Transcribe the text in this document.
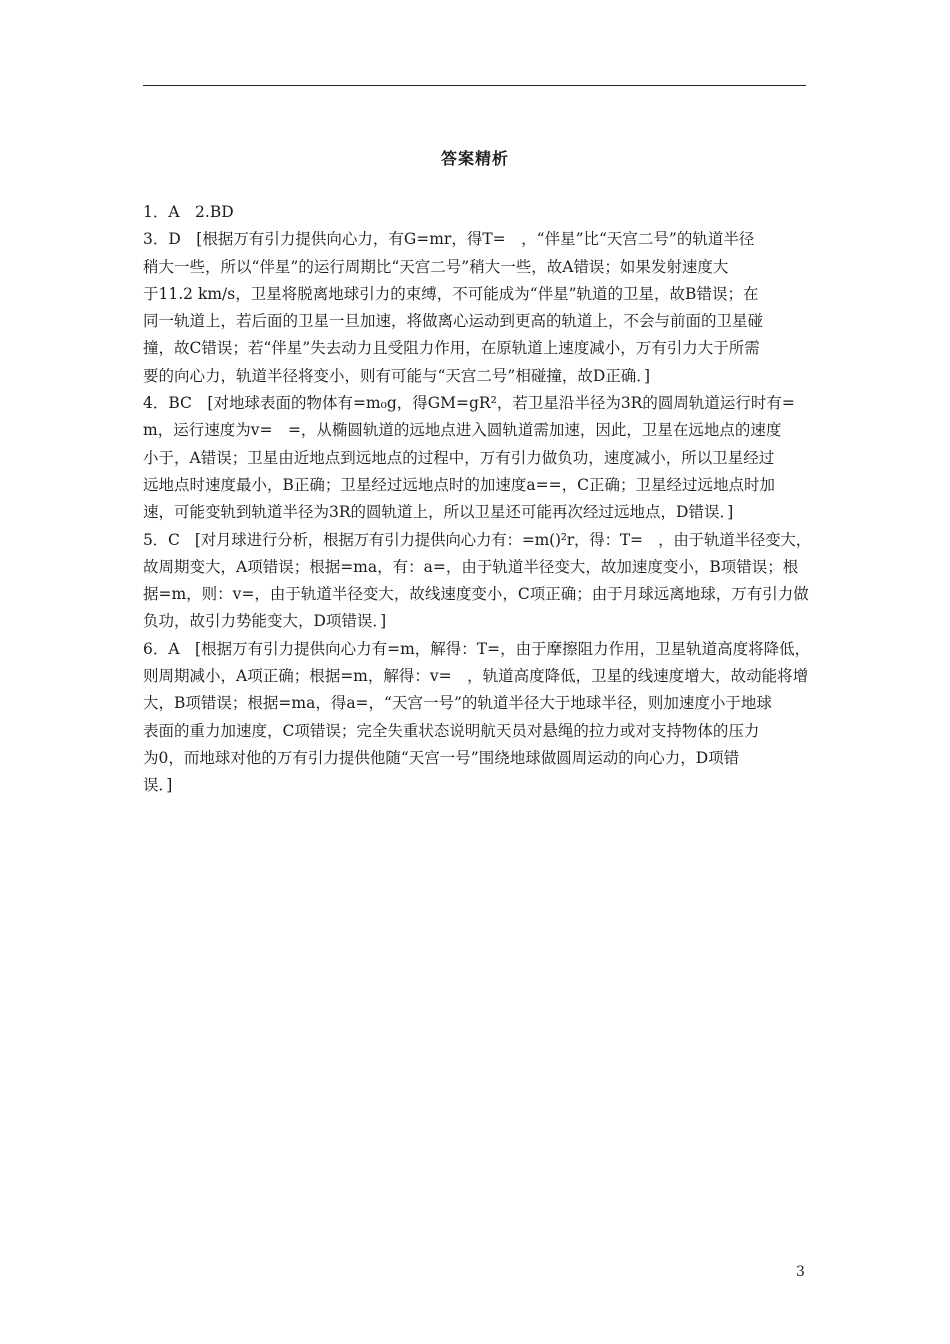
答案精析
1．A　2.BD
3．D　[根据万有引力提供向心力，有G=mr，得T=　，“伴星”比“天宫二号”的轨道半径
稍大一些，所以“伴星”的运行周期比“天宫二号”稍大一些，故A错误；如果发射速度大
于11.2 km/s，卫星将脱离地球引力的束缚，不可能成为“伴星”轨道的卫星，故B错误；在
同一轨道上，若后面的卫星一旦加速，将做离心运动到更高的轨道上，不会与前面的卫星碰
撞，故C错误；若“伴星”失去动力且受阻力作用，在原轨道上速度减小，万有引力大于所需
要的向心力，轨道半径将变小，则有可能与“天宫二号”相碰撞，故D正确．]
4．BC　[对地球表面的物体有=m₀g，得GM=gR²，若卫星沿半径为3R的圆周轨道运行时有=
m，运行速度为v=　=，从椭圆轨道的远地点进入圆轨道需加速，因此，卫星在远地点的速度
小于，A错误；卫星由近地点到远地点的过程中，万有引力做负功，速度减小，所以卫星经过
远地点时速度最小，B正确；卫星经过远地点时的加速度a==，C正确；卫星经过远地点时加
速，可能变轨到轨道半径为3R的圆轨道上，所以卫星还可能再次经过远地点，D错误．]
5．C　[对月球进行分析，根据万有引力提供向心力有：=m()²r，得：T=　，由于轨道半径变大，
故周期变大，A项错误；根据=ma，有：a=，由于轨道半径变大，故加速度变小，B项错误；根
据=m，则：v=，由于轨道半径变大，故线速度变小，C项正确；由于月球远离地球，万有引力做
负功，故引力势能变大，D项错误．]
6．A　[根据万有引力提供向心力有=m，解得：T=，由于摩擦阻力作用，卫星轨道高度将降低，
则周期减小，A项正确；根据=m，解得：v=　，轨道高度降低，卫星的线速度增大，故动能将增
大，B项错误；根据=ma，得a=，“天宫一号”的轨道半径大于地球半径，则加速度小于地球
表面的重力加速度，C项错误；完全失重状态说明航天员对悬绳的拉力或对支持物体的压力
为0，而地球对他的万有引力提供他随“天宫一号”围绕地球做圆周运动的向心力，D项错
误．]
3
